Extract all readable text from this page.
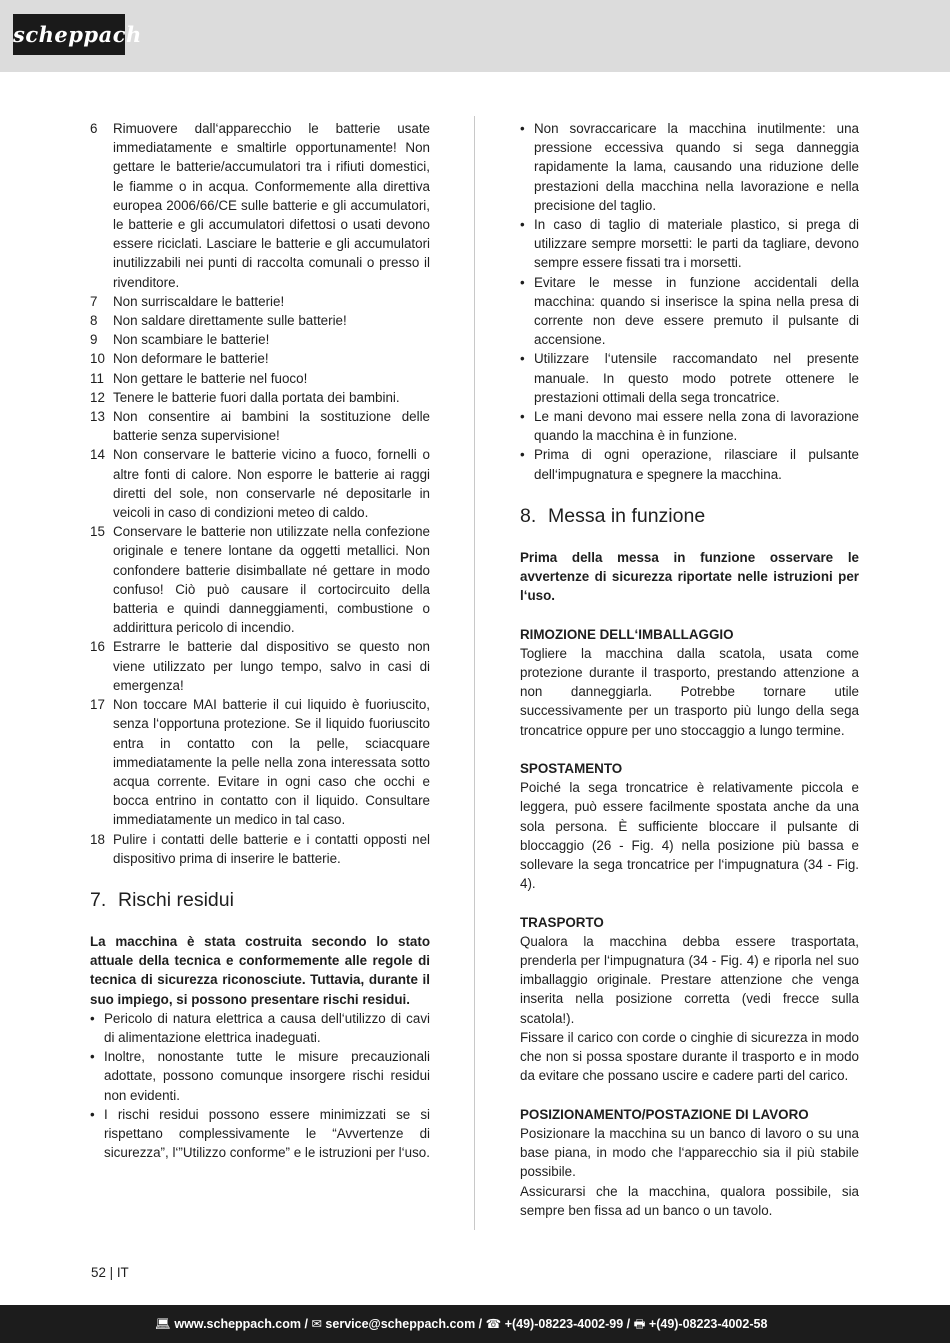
scheppach
6	Rimuovere dall‘apparecchio le batterie usate immediatamente e smaltirle opportunamente! Non gettare le batterie/accumulatori tra i rifiuti domestici, le fiamme o in acqua. Conformemente alla direttiva europea 2006/66/CE sulle batterie e gli accumulatori, le batterie e gli accumulatori difettosi o usati devono essere riciclati. Lasciare le batterie e gli accumulatori inutilizzabili nei punti di raccolta comunali o presso il rivenditore.
7	Non surriscaldare le batterie!
8	Non saldare direttamente sulle batterie!
9	Non scambiare le batterie!
10 Non deformare le batterie!
11 Non gettare le batterie nel fuoco!
12 Tenere le batterie fuori dalla portata dei bambini.
13 Non consentire ai bambini la sostituzione delle batterie senza supervisione!
14 Non conservare le batterie vicino a fuoco, fornelli o altre fonti di calore. Non esporre le batterie ai raggi diretti del sole, non conservarle né depositarle in veicoli in caso di condizioni meteo di caldo.
15 Conservare le batterie non utilizzate nella confezione originale e tenere lontane da oggetti metallici. Non confondere batterie disimballate né gettare in modo confuso! Ciò può causare il cortocircuito della batteria e quindi danneggiamenti, combustione o addirittura pericolo di incendio.
16 Estrarre le batterie dal dispositivo se questo non viene utilizzato per lungo tempo, salvo in casi di emergenza!
17 Non toccare MAI batterie il cui liquido è fuoriuscito, senza l‘opportuna protezione. Se il liquido fuoriuscito entra in contatto con la pelle, sciacquare immediatamente la pelle nella zona interessata sotto acqua corrente. Evitare in ogni caso che occhi e bocca entrino in contatto con il liquido. Consultare immediatamente un medico in tal caso.
18 Pulire i contatti delle batterie e i contatti opposti nel dispositivo prima di inserire le batterie.
7. Rischi residui

La macchina è stata costruita secondo lo stato attuale della tecnica e conformemente alle regole di tecnica di sicurezza riconosciute. Tuttavia, durante il suo impiego, si possono presentare rischi residui.

• Pericolo di natura elettrica a causa dell‘utilizzo di cavi di alimentazione elettrica inadeguati.
• Inoltre, nonostante tutte le misure precauzionali adottate, possono comunque insorgere rischi residui non evidenti.
• I rischi residui possono essere minimizzati se si rispettano complessivamente le “Avvertenze di sicurezza”, l‘”Utilizzo conforme” e le istruzioni per l‘uso.
• Non sovraccaricare la macchina inutilmente: una pressione eccessiva quando si sega danneggia rapidamente la lama, causando una riduzione delle prestazioni della macchina nella lavorazione e nella precisione del taglio.
• In caso di taglio di materiale plastico, si prega di utilizzare sempre morsetti: le parti da tagliare, devono sempre essere fissati tra i morsetti.
• Evitare le messe in funzione accidentali della macchina: quando si inserisce la spina nella presa di corrente non deve essere premuto il pulsante di accensione.
• Utilizzare l‘utensile raccomandato nel presente manuale. In questo modo potrete ottenere le prestazioni ottimali della sega troncatrice.
• Le mani devono mai essere nella zona di lavorazione quando la macchina è in funzione.
• Prima di ogni operazione, rilasciare il pulsante dell‘impugnatura e spegnere la macchina.
8. Messa in funzione

Prima della messa in funzione osservare le avvertenze di sicurezza riportate nelle istruzioni per l‘uso.

RIMOZIONE DELL‘IMBALLAGGIO

Togliere la macchina dalla scatola, usata come protezione durante il trasporto, prestando attenzione a non danneggiarla. Potrebbe tornare utile successivamente per un trasporto più lungo della sega troncatrice oppure per uno stoccaggio a lungo termine.

SPOSTAMENTO

Poiché la sega troncatrice è relativamente piccola e leggera, può essere facilmente spostata anche da una sola persona. È sufficiente bloccare il pulsante di bloccaggio (26 - Fig. 4) nella posizione più bassa e sollevare la sega troncatrice per l‘impugnatura (34 - Fig. 4).

TRASPORTO

Qualora la macchina debba essere trasportata, prenderla per l‘impugnatura (34 - Fig. 4) e riporla nel suo imballaggio originale. Prestare attenzione che venga inserita nella posizione corretta (vedi frecce sulla scatola!).

Fissare il carico con corde o cinghie di sicurezza in modo che non si possa spostare durante il trasporto e in modo da evitare che possano uscire e cadere parti del carico.

POSIZIONAMENTO/POSTAZIONE DI LAVORO

Posizionare la macchina su un banco di lavoro o su una base piana, in modo che l‘apparecchio sia il più stabile possibile.

Assicurarsi che la macchina, qualora possibile, sia sempre ben fissa ad un banco o un tavolo.

52 | IT
💻︎ www.scheppach.com / ✉︎ service@scheppach.com / ☎︎ +(49)-08223-4002-99 / 🖶︎ +(49)-08223-4002-58
